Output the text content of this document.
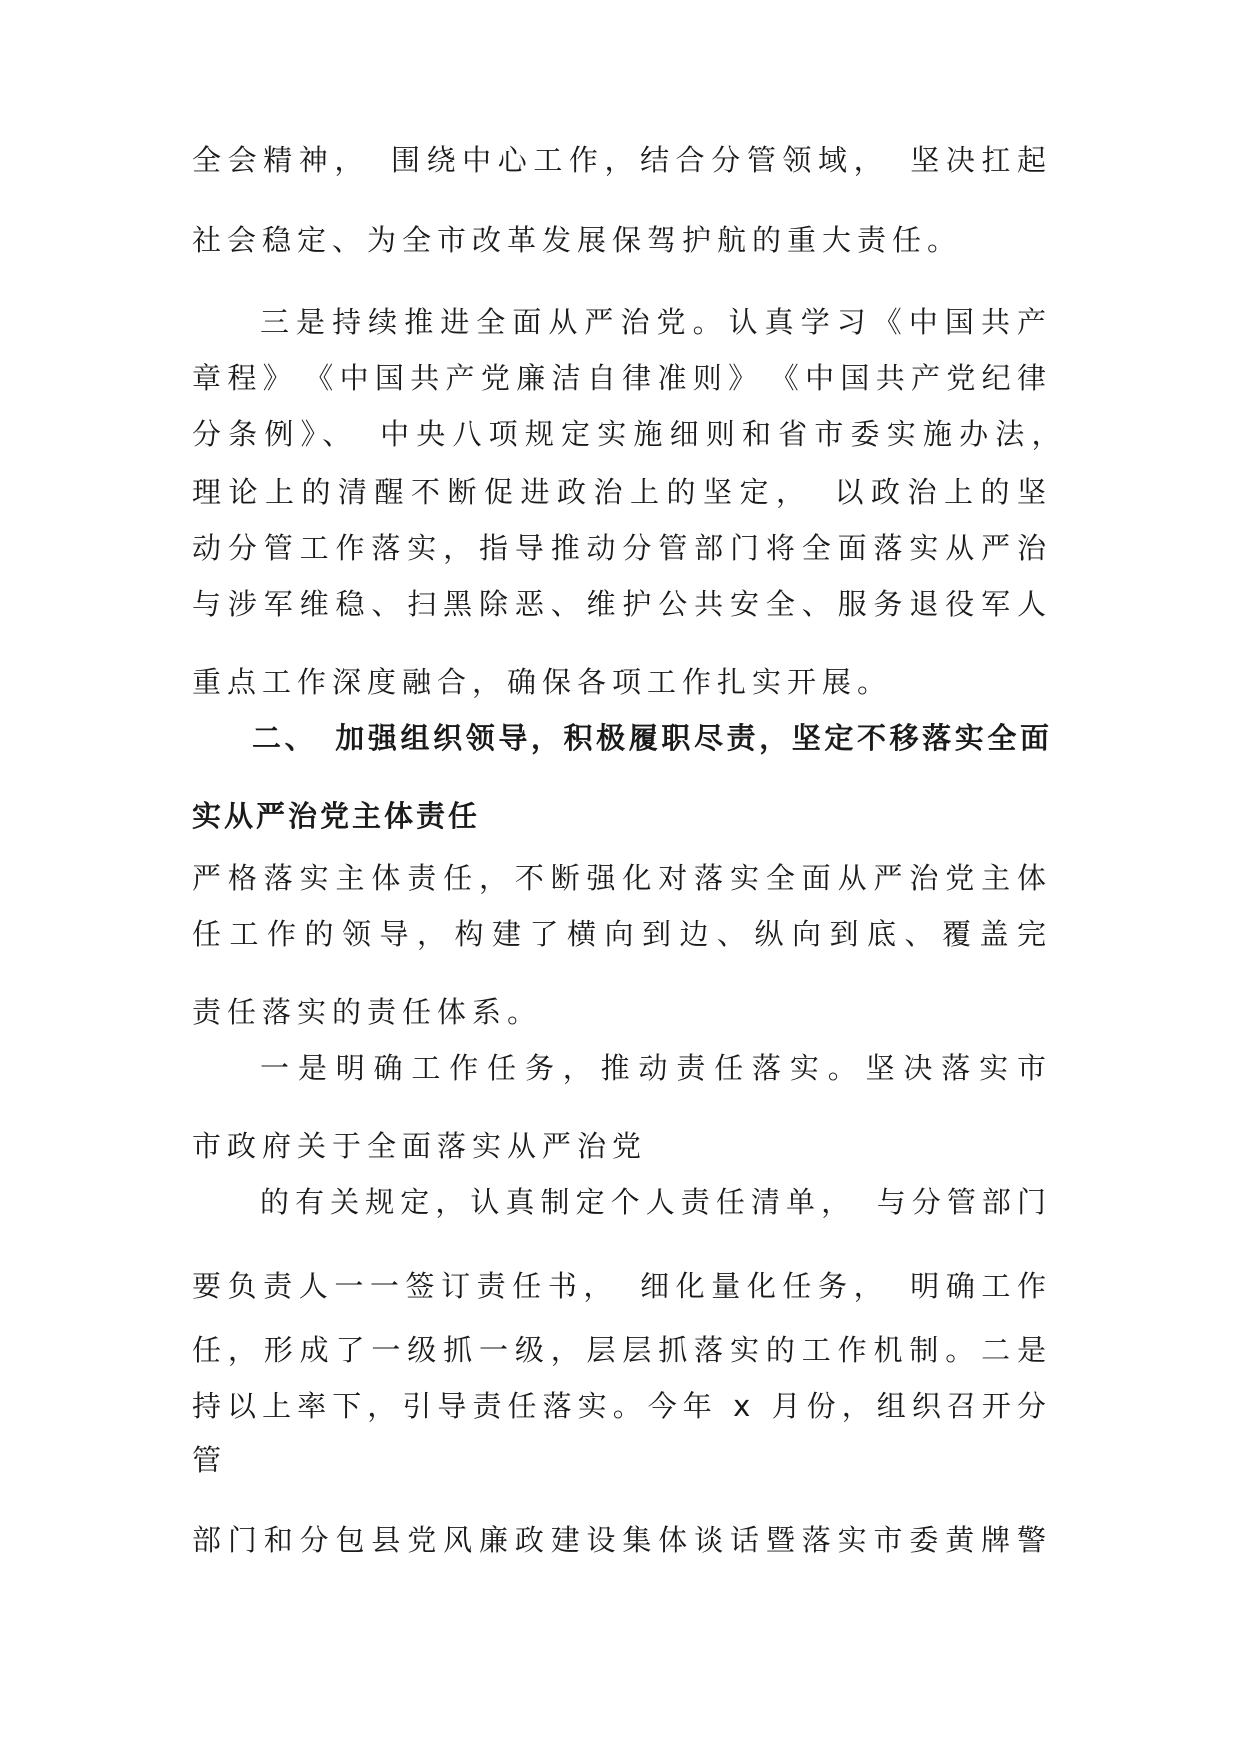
全会精神，　围绕中心工作，结合分管领域，　坚决扛起
社会稳定、为全市改革发展保驾护航的重大责任。
三是持续推进全面从严治党。认真学习《中国共产
章程》　《中国共产党廉洁自律准则》　《中国共产党纪律
分条例》、　中央八项规定实施细则和省市委实施办法，　
理论上的清醒不断促进政治上的坚定，　以政治上的坚
动分管工作落实，指导推动分管部门将全面落实从严治
与涉军维稳、扫黑除恶、维护公共安全、服务退役军人
重点工作深度融合，确保各项工作扎实开展。
二、　加强组织领导，积极履职尽责，坚定不移落实全面
实从严治党主体责任
严格落实主体责任，不断强化对落实全面从严治党主体
任工作的领导，构建了横向到边、纵向到底、覆盖完
责任落实的责任体系。
一是明确工作任务，推动责任落实。坚决落实市
市政府关于全面落实从严治党
的有关规定，认真制定个人责任清单，　与分管部门
要负责人一一签订责任书，　细化量化任务，　明确工作
任，形成了一级抓一级，层层抓落实的工作机制。二是
持以上率下，引导责任落实。今年 x 月份，组织召开分
管
部门和分包县党风廉政建设集体谈话暨落实市委黄牌警
